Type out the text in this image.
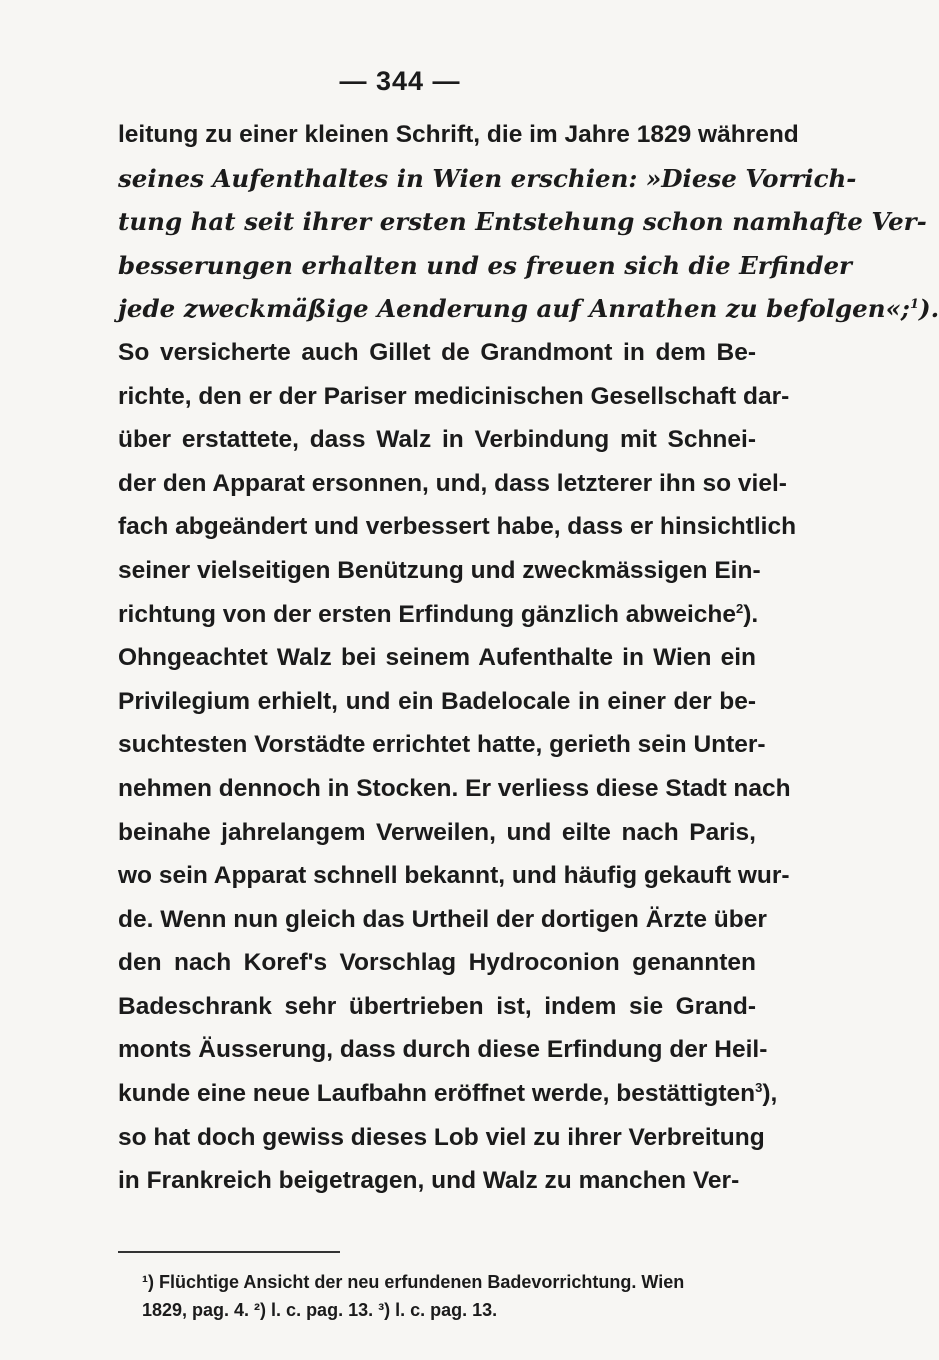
— 344 —
leitung zu einer kleinen Schrift, die im Jahre 1829 während
seines Aufenthaltes in Wien erschien: »Diese Vorrich-
tung hat seit ihrer ersten Entstehung schon namhafte Ver-
besserungen erhalten und es freuen sich die Erfinder
jede zweckmäßige Aenderung auf Anrathen zu befolgen«;$^1$).
So versicherte auch Gillet de Grandmont in dem Be-
richte, den er der Pariser medicinischen Gesellschaft dar-
über erstattete, dass Walz in Verbindung mit Schnei-
der den Apparat ersonnen, und, dass letzterer ihn so viel-
fach abgeändert und verbessert habe, dass er hinsichtlich
seiner vielseitigen Benützung und zweckmässigen Ein-
richtung von der ersten Erfindung gänzlich abweiche$^2$).
Ohngeachtet Walz bei seinem Aufenthalte in Wien ein
Privilegium erhielt, und ein Badelocale in einer der be-
suchtesten Vorstädte errichtet hatte, gerieth sein Unter-
nehmen dennoch in Stocken. Er verliess diese Stadt nach
beinahe jahrelangem Verweilen, und eilte nach Paris,
wo sein Apparat schnell bekannt, und häufig gekauft wur-
de. Wenn nun gleich das Urtheil der dortigen Ärzte über
den nach Koref's Vorschlag Hydroconion genannten
Badeschrank sehr übertrieben ist, indem sie Grand-
monts Äusserung, dass durch diese Erfindung der Heil-
kunde eine neue Laufbahn eröffnet werde, bestättigten$^3$),
so hat doch gewiss dieses Lob viel zu ihrer Verbreitung
in Frankreich beigetragen, und Walz zu manchen Ver-
¹) Flüchtige Ansicht der neu erfundenen Badevorrichtung. Wien
1829, pag. 4. ²) l. c. pag. 13. ³) l. c. pag. 13.
